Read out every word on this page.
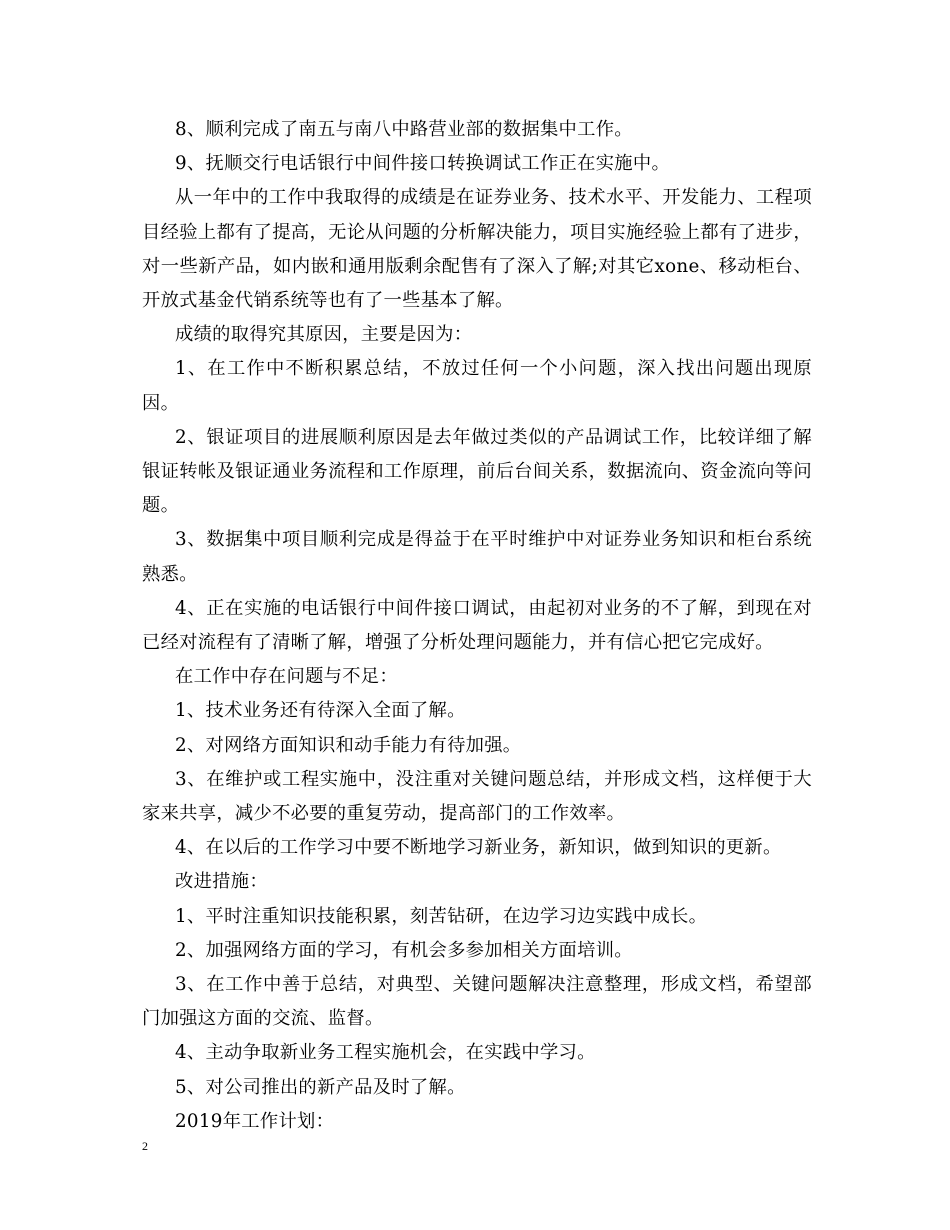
8、顺利完成了南五与南八中路营业部的数据集中工作。

9、抚顺交行电话银行中间件接口转换调试工作正在实施中。

从一年中的工作中我取得的成绩是在证券业务、技术水平、开发能力、工程项目经验上都有了提高，无论从问题的分析解决能力，项目实施经验上都有了进步，对一些新产品，如内嵌和通用版剩余配售有了深入了解;对其它xone、移动柜台、开放式基金代销系统等也有了一些基本了解。

成绩的取得究其原因，主要是因为：

1、在工作中不断积累总结，不放过任何一个小问题，深入找出问题出现原因。

2、银证项目的进展顺利原因是去年做过类似的产品调试工作，比较详细了解银证转帐及银证通业务流程和工作原理，前后台间关系，数据流向、资金流向等问题。

3、数据集中项目顺利完成是得益于在平时维护中对证券业务知识和柜台系统熟悉。

4、正在实施的电话银行中间件接口调试，由起初对业务的不了解，到现在对已经对流程有了清晰了解，增强了分析处理问题能力，并有信心把它完成好。

在工作中存在问题与不足：

1、技术业务还有待深入全面了解。

2、对网络方面知识和动手能力有待加强。

3、在维护或工程实施中，没注重对关键问题总结，并形成文档，这样便于大家来共享，减少不必要的重复劳动，提高部门的工作效率。

4、在以后的工作学习中要不断地学习新业务，新知识，做到知识的更新。

改进措施：

1、平时注重知识技能积累，刻苦钻研，在边学习边实践中成长。

2、加强网络方面的学习，有机会多参加相关方面培训。

3、在工作中善于总结，对典型、关键问题解决注意整理，形成文档，希望部门加强这方面的交流、监督。

4、主动争取新业务工程实施机会，在实践中学习。

5、对公司推出的新产品及时了解。

2019年工作计划：

2
